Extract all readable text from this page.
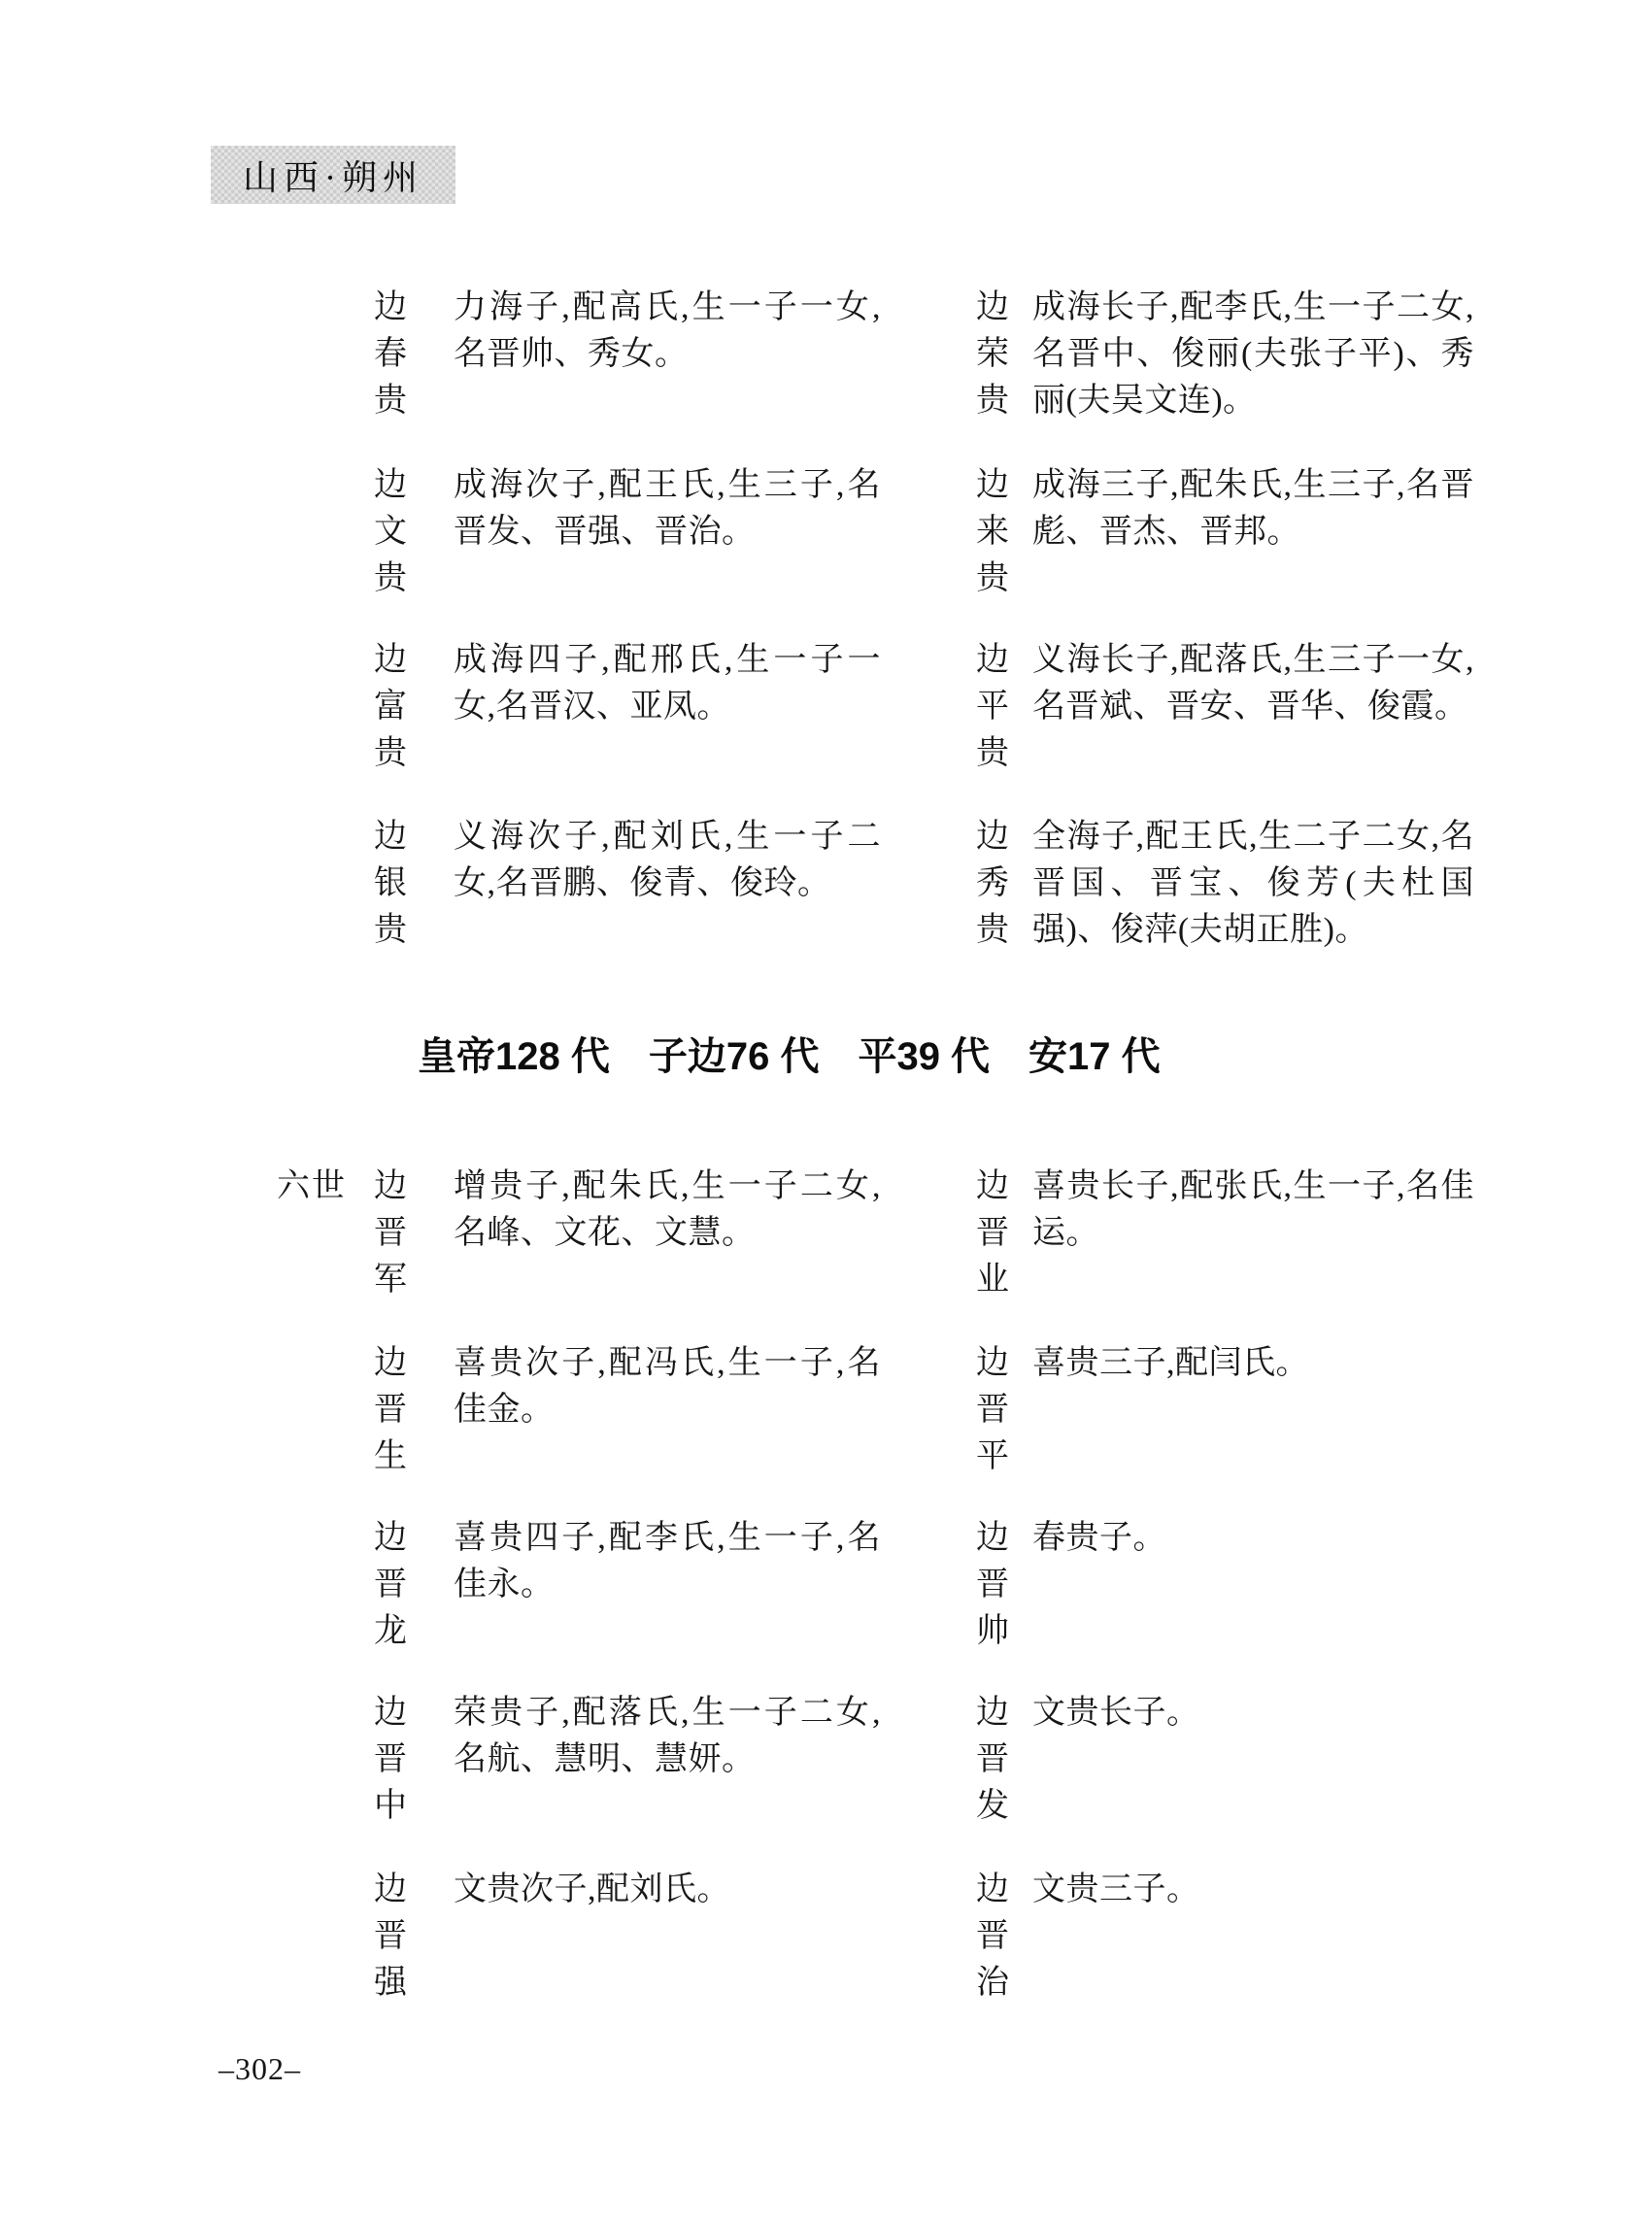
山西·朔州
边春贵
力海子,配高氏,生一子一女,名晋帅、秀女。
边荣贵
成海长子,配李氏,生一子二女,名晋中、俊丽(夫张子平)、秀丽(夫吴文连)。
边文贵
成海次子,配王氏,生三子,名晋发、晋强、晋治。
边来贵
成海三子,配朱氏,生三子,名晋彪、晋杰、晋邦。
边富贵
成海四子,配邢氏,生一子一女,名晋汉、亚凤。
边平贵
义海长子,配落氏,生三子一女,名晋斌、晋安、晋华、俊霞。
边银贵
义海次子,配刘氏,生一子二女,名晋鹏、俊青、俊玲。
边秀贵
全海子,配王氏,生二子二女,名晋国、晋宝、俊芳(夫杜国强)、俊萍(夫胡正胜)。
皇帝128 代　子边76 代　平39 代　安17 代
六世 边晋军
增贵子,配朱氏,生一子二女,名峰、文花、文慧。
边晋业
喜贵长子,配张氏,生一子,名佳运。
边晋生
喜贵次子,配冯氏,生一子,名佳金。
边晋平
喜贵三子,配闫氏。
边晋龙
喜贵四子,配李氏,生一子,名佳永。
边晋帅
春贵子。
边晋中
荣贵子,配落氏,生一子二女,名航、慧明、慧妍。
边晋发
文贵长子。
边晋强
文贵次子,配刘氏。	边晋治
文贵三子。
–302–
